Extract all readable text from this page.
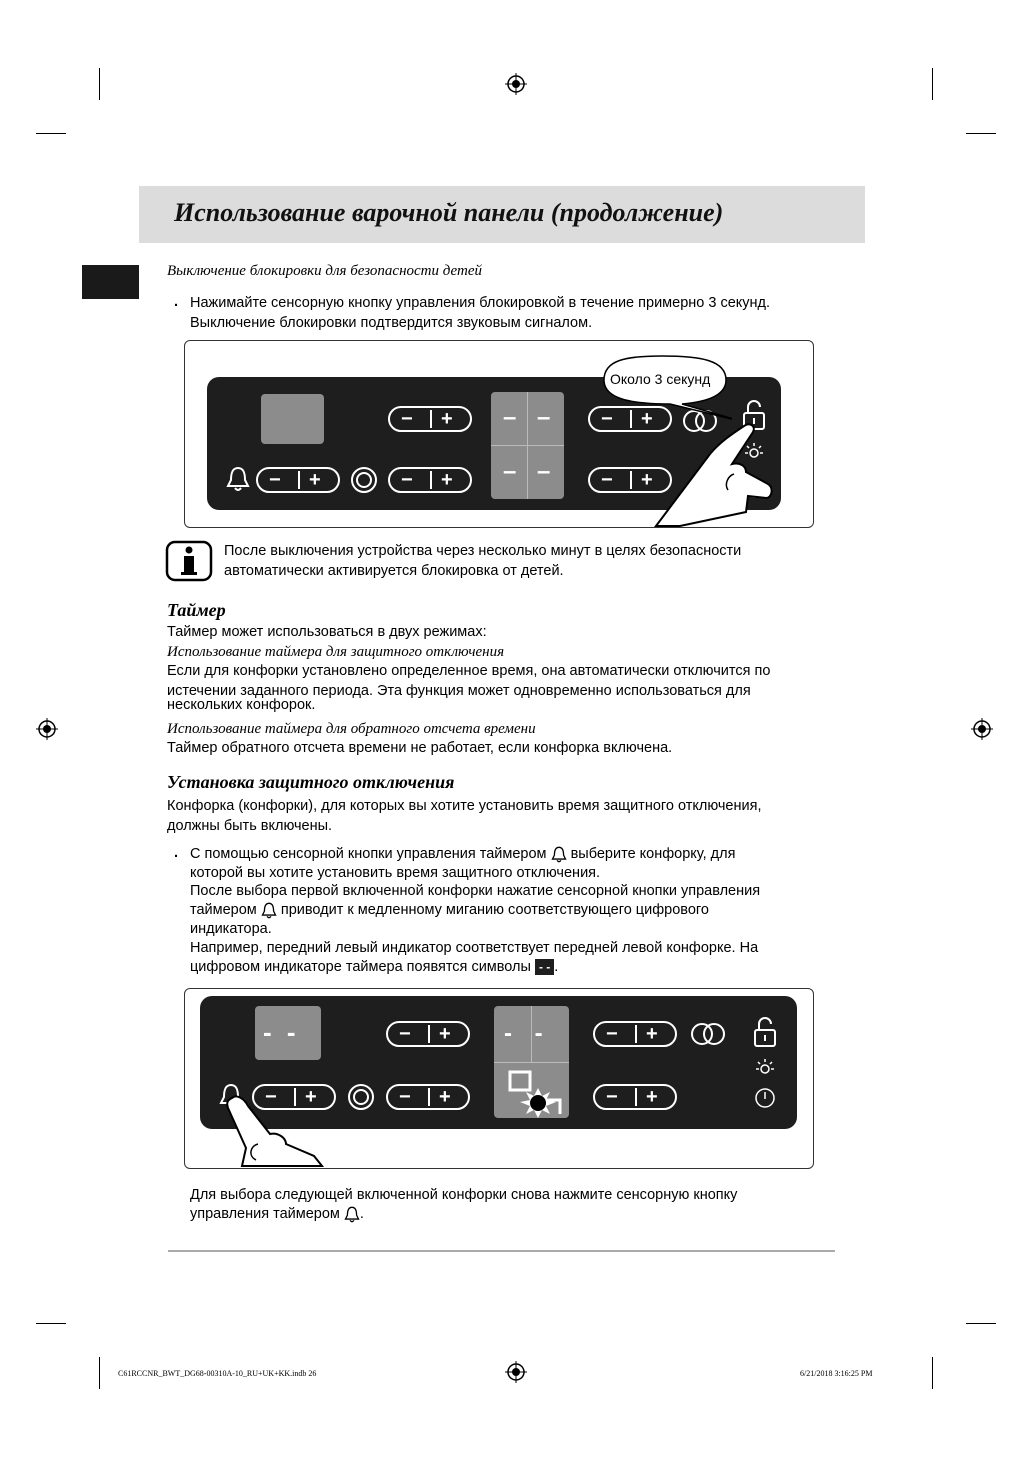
Использование варочной панели (продолжение)
Выключение блокировки для безопасности детей
. Нажимайте сенсорную кнопку управления блокировкой в течение примерно 3 секунд.
Выключение блокировки подтвердится звуковым сигналом.
– –
– –
− +	− +
− +	− +	− +
Около 3 секунд
После выключения устройства через несколько минут в целях безопасности
автоматически активируется блокировка от детей.
Таймер
Таймер может использоваться в двух режимах:
Использование таймера для защитного отключения
Если для конфорки установлено определенное время, она автоматически отключится по
истечении заданного периода. Эта функция может одновременно использоваться для
нескольких конфорок.
Использование таймера для обратного отсчета времени
Таймер обратного отсчета времени не работает, если конфорка включена.
Установка защитного отключения
Конфорка (конфорки), для которых вы хотите установить время защитного отключения,
должны быть включены.
. С помощью сенсорной кнопки управления таймером выберите конфорку, для
которой вы хотите установить время защитного отключения.
После выбора первой включенной конфорки нажатие сенсорной кнопки управления
таймером приводит к медленному миганию соответствующего цифрового
индикатора.
Например, передний левый индикатор соответствует передней левой конфорке. На
цифровом индикаторе таймера появятся символы - - .
- -	- -
− +	− +
− +	− +	− +
Для выбора следующей включенной конфорки снова нажмите сенсорную кнопку
управления таймером .
C61RCCNR_BWT_DG68-00310A-10_RU+UK+KK.indb 26	6/21/2018 3:16:25 PM
